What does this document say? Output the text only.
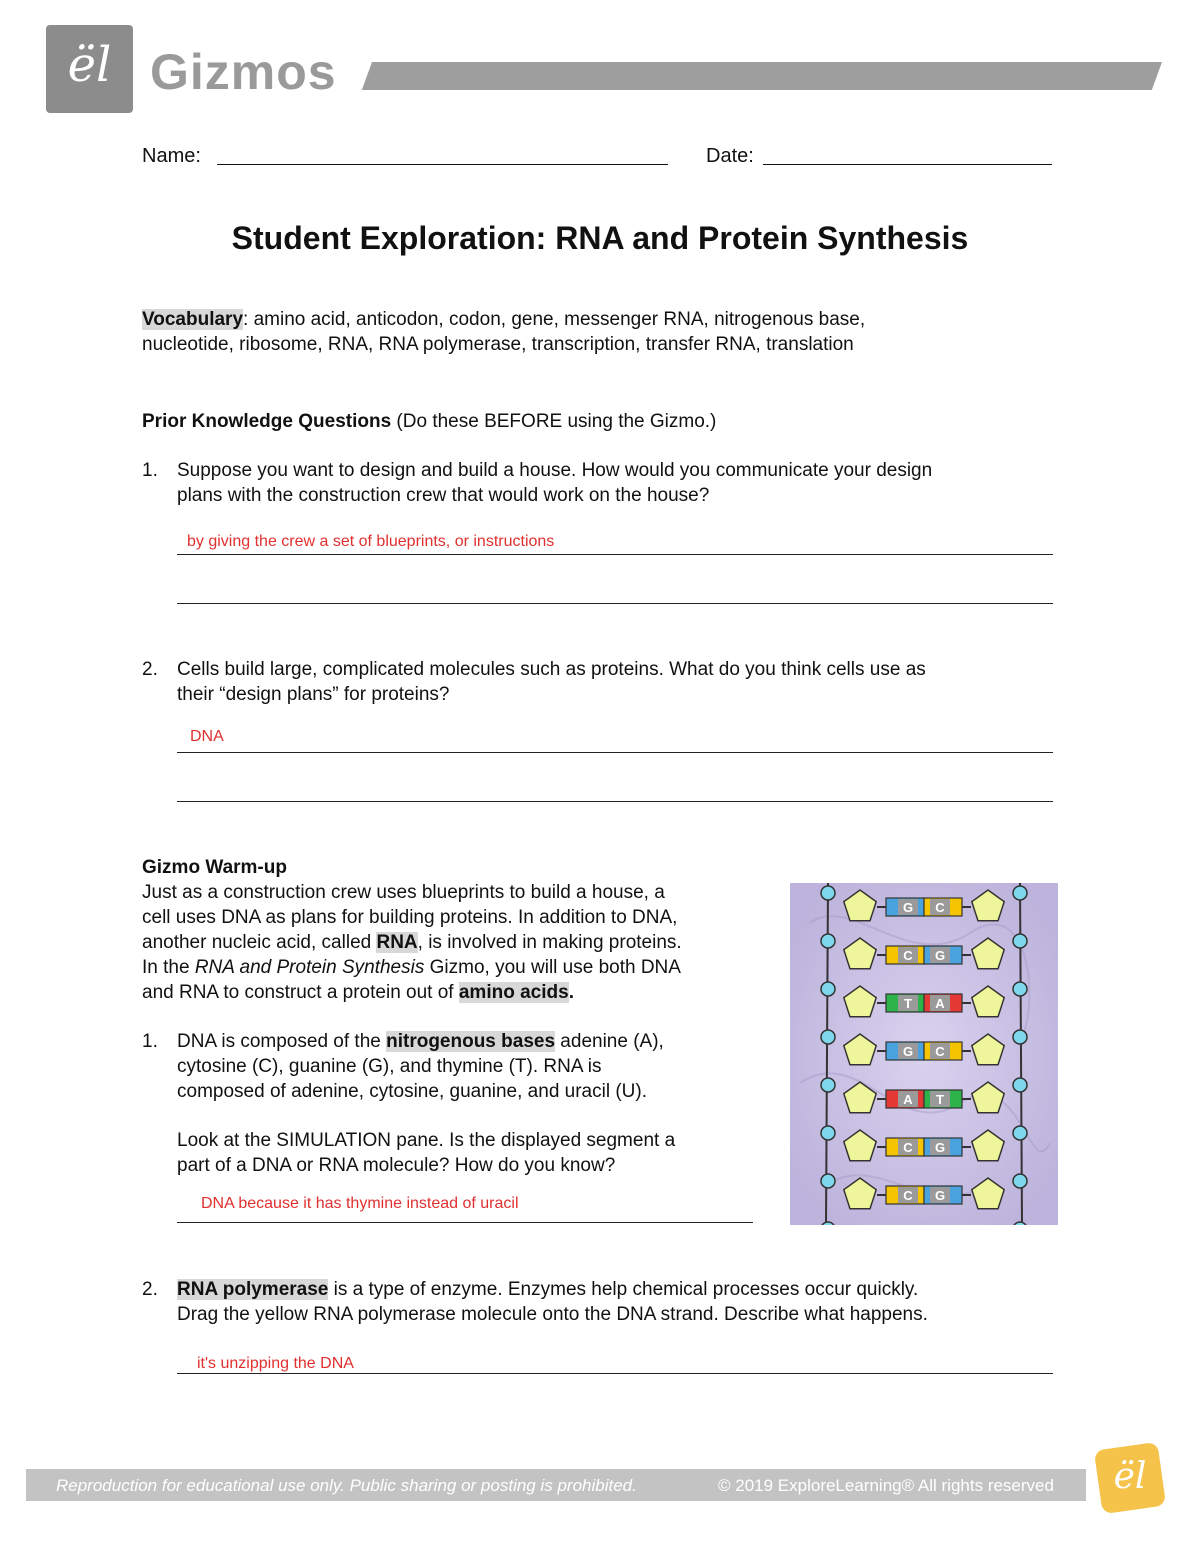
ël Gizmos
Name:	Date:
Student Exploration: RNA and Protein Synthesis
Vocabulary: amino acid, anticodon, codon, gene, messenger RNA, nitrogenous base,
nucleotide, ribosome, RNA, RNA polymerase, transcription, transfer RNA, translation
Prior Knowledge Questions (Do these BEFORE using the Gizmo.)
1. Suppose you want to design and build a house. How would you communicate your design
plans with the construction crew that would work on the house?
by giving the crew a set of blueprints, or instructions
2. Cells build large, complicated molecules such as proteins. What do you think cells use as
their “design plans” for proteins?
DNA
Gizmo Warm-up
Just as a construction crew uses blueprints to build a house, a
cell uses DNA as plans for building proteins. In addition to DNA,
another nucleic acid, called RNA, is involved in making proteins.
In the RNA and Protein Synthesis Gizmo, you will use both DNA
and RNA to construct a protein out of amino acids.
1. DNA is composed of the nitrogenous bases adenine (A),
cytosine (C), guanine (G), and thymine (T). RNA is
composed of adenine, cytosine, guanine, and uracil (U).
Look at the SIMULATION pane. Is the displayed segment a
part of a DNA or RNA molecule? How do you know?
DNA because it has thymine instead of uracil
G C
C G
T A
G C
A T
C G
C G
2. RNA polymerase is a type of enzyme. Enzymes help chemical processes occur quickly.
Drag the yellow RNA polymerase molecule onto the DNA strand. Describe what happens.
it's unzipping the DNA
Reproduction for educational use only. Public sharing or posting is prohibited.	© 2019 ExploreLearning® All rights reserved	ël
